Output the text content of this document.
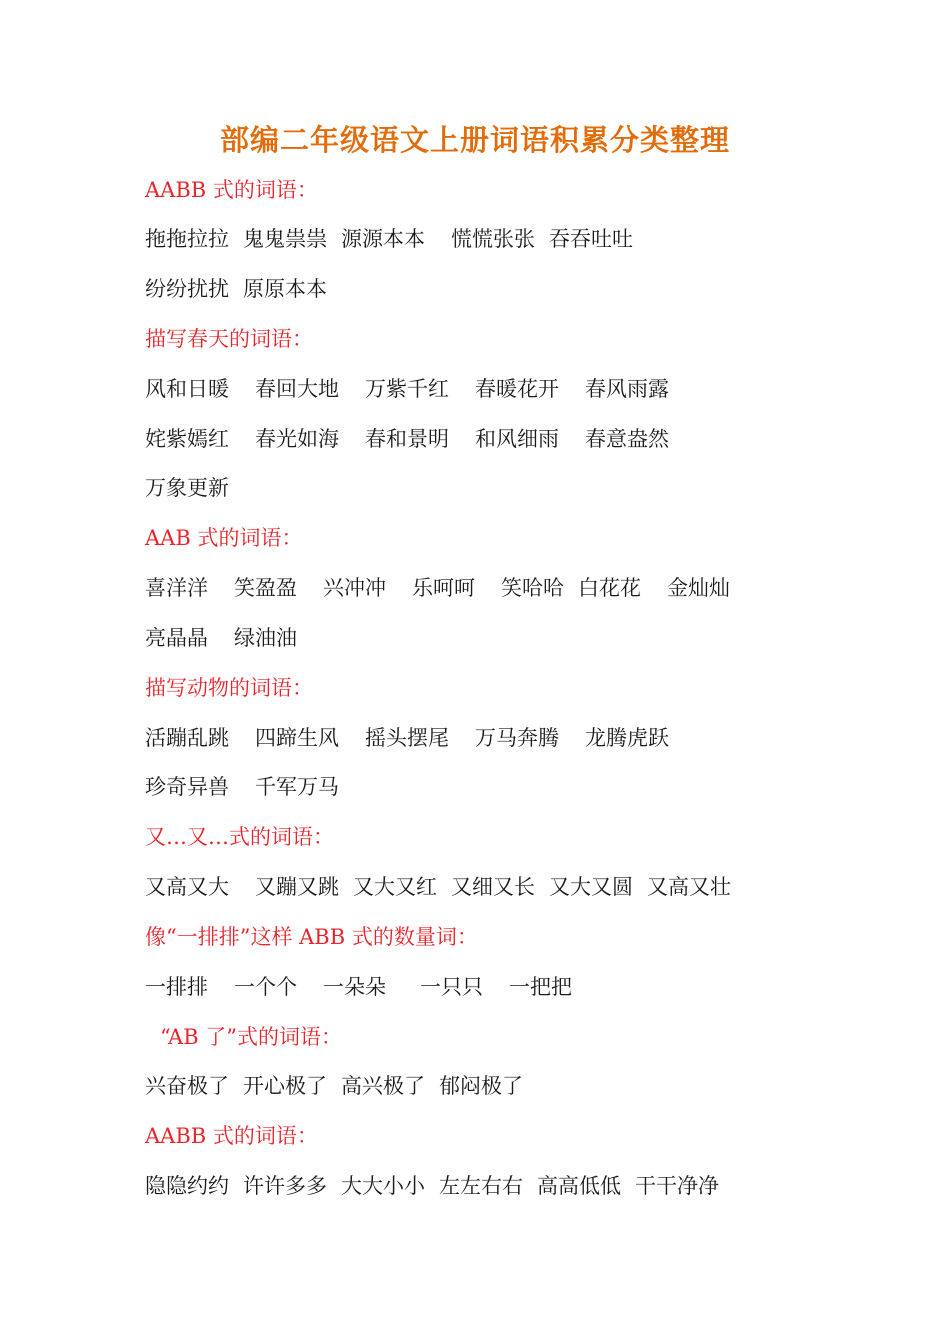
部编二年级语文上册词语积累分类整理
AABB 式的词语：
拖拖拉拉 鬼鬼祟祟 源源本本 慌慌张张 吞吞吐吐
纷纷扰扰 原原本本
描写春天的词语：
风和日暖 春回大地 万紫千红 春暖花开 春风雨露
姹紫嫣红 春光如海 春和景明 和风细雨 春意盎然
万象更新
AAB 式的词语：
喜洋洋 笑盈盈 兴冲冲 乐呵呵 笑哈哈 白花花 金灿灿
亮晶晶 绿油油
描写动物的词语：
活蹦乱跳 四蹄生风 摇头摆尾 万马奔腾 龙腾虎跃
珍奇异兽 千军万马
又…又…式的词语：
又高又大 又蹦又跳 又大又红 又细又长 又大又圆 又高又壮
像“一排排”这样 ABB 式的数量词：
一排排 一个个 一朵朵 一只只 一把把
“AB 了”式的词语：
兴奋极了 开心极了 高兴极了 郁闷极了
AABB 式的词语：
隐隐约约 许许多多 大大小小 左左右右 高高低低 干干净净
